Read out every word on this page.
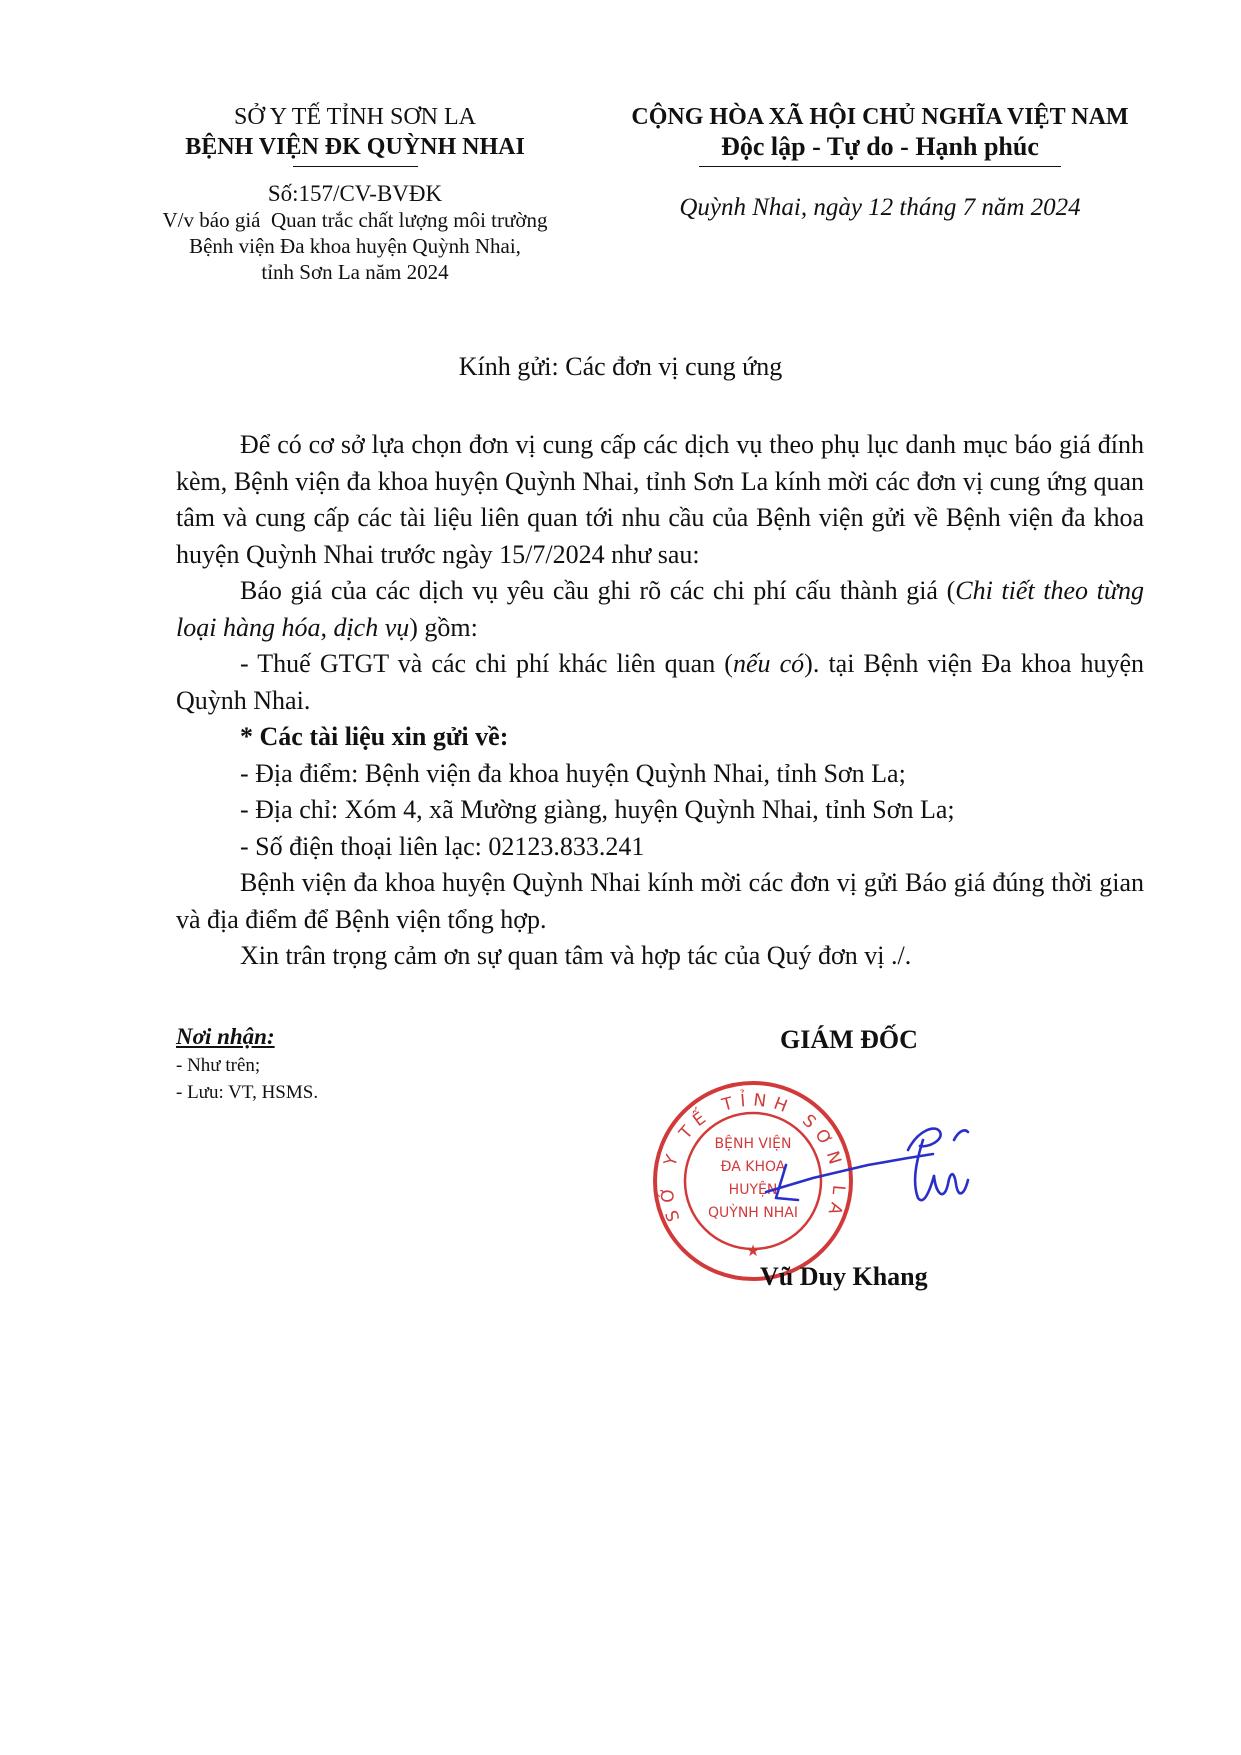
SỞ Y TẾ TỈNH SƠN LA
BỆNH VIỆN ĐK QUỲNH NHAI
Số:157/CV-BVĐK
V/v báo giá  Quan trắc chất lượng môi trường
Bệnh viện Đa khoa huyện Quỳnh Nhai,
tỉnh Sơn La năm 2024
CỘNG HÒA XÃ HỘI CHỦ NGHĨA VIỆT NAM
Độc lập - Tự do - Hạnh phúc
Quỳnh Nhai, ngày 12 tháng 7 năm 2024
Kính gửi: Các đơn vị cung ứng

Để có cơ sở lựa chọn đơn vị cung cấp các dịch vụ theo phụ lục danh mục báo giá đính kèm, Bệnh viện đa khoa huyện Quỳnh Nhai, tỉnh Sơn La kính mời các đơn vị cung ứng quan tâm và cung cấp các tài liệu liên quan tới nhu cầu của Bệnh viện gửi về Bệnh viện đa khoa huyện Quỳnh Nhai trước ngày 15/7/2024 như sau:

Báo giá của các dịch vụ yêu cầu ghi rõ các chi phí cấu thành giá (Chi tiết theo từng loại hàng hóa, dịch vụ) gồm:

- Thuế GTGT và các chi phí khác liên quan (nếu có). tại Bệnh viện Đa khoa huyện Quỳnh Nhai.

* Các tài liệu xin gửi về:

- Địa điểm: Bệnh viện đa khoa huyện Quỳnh Nhai, tỉnh Sơn La;

- Địa chỉ: Xóm 4, xã Mường giàng, huyện Quỳnh Nhai, tỉnh Sơn La;

- Số điện thoại liên lạc: 02123.833.241

Bệnh viện đa khoa huyện Quỳnh Nhai kính mời các đơn vị gửi Báo giá đúng thời gian và địa điểm để Bệnh viện tổng hợp.

Xin trân trọng cảm ơn sự quan tâm và hợp tác của Quý đơn vị ./.

Nơi nhận:
- Như trên;
- Lưu: VT, HSMS.
GIÁM ĐỐC
SỞ Y TẾ TỈNH SƠN LA
★
BỆNH VIỆN
ĐA KHOA
HUYỆN
QUỲNH NHAI
Vũ Duy Khang
